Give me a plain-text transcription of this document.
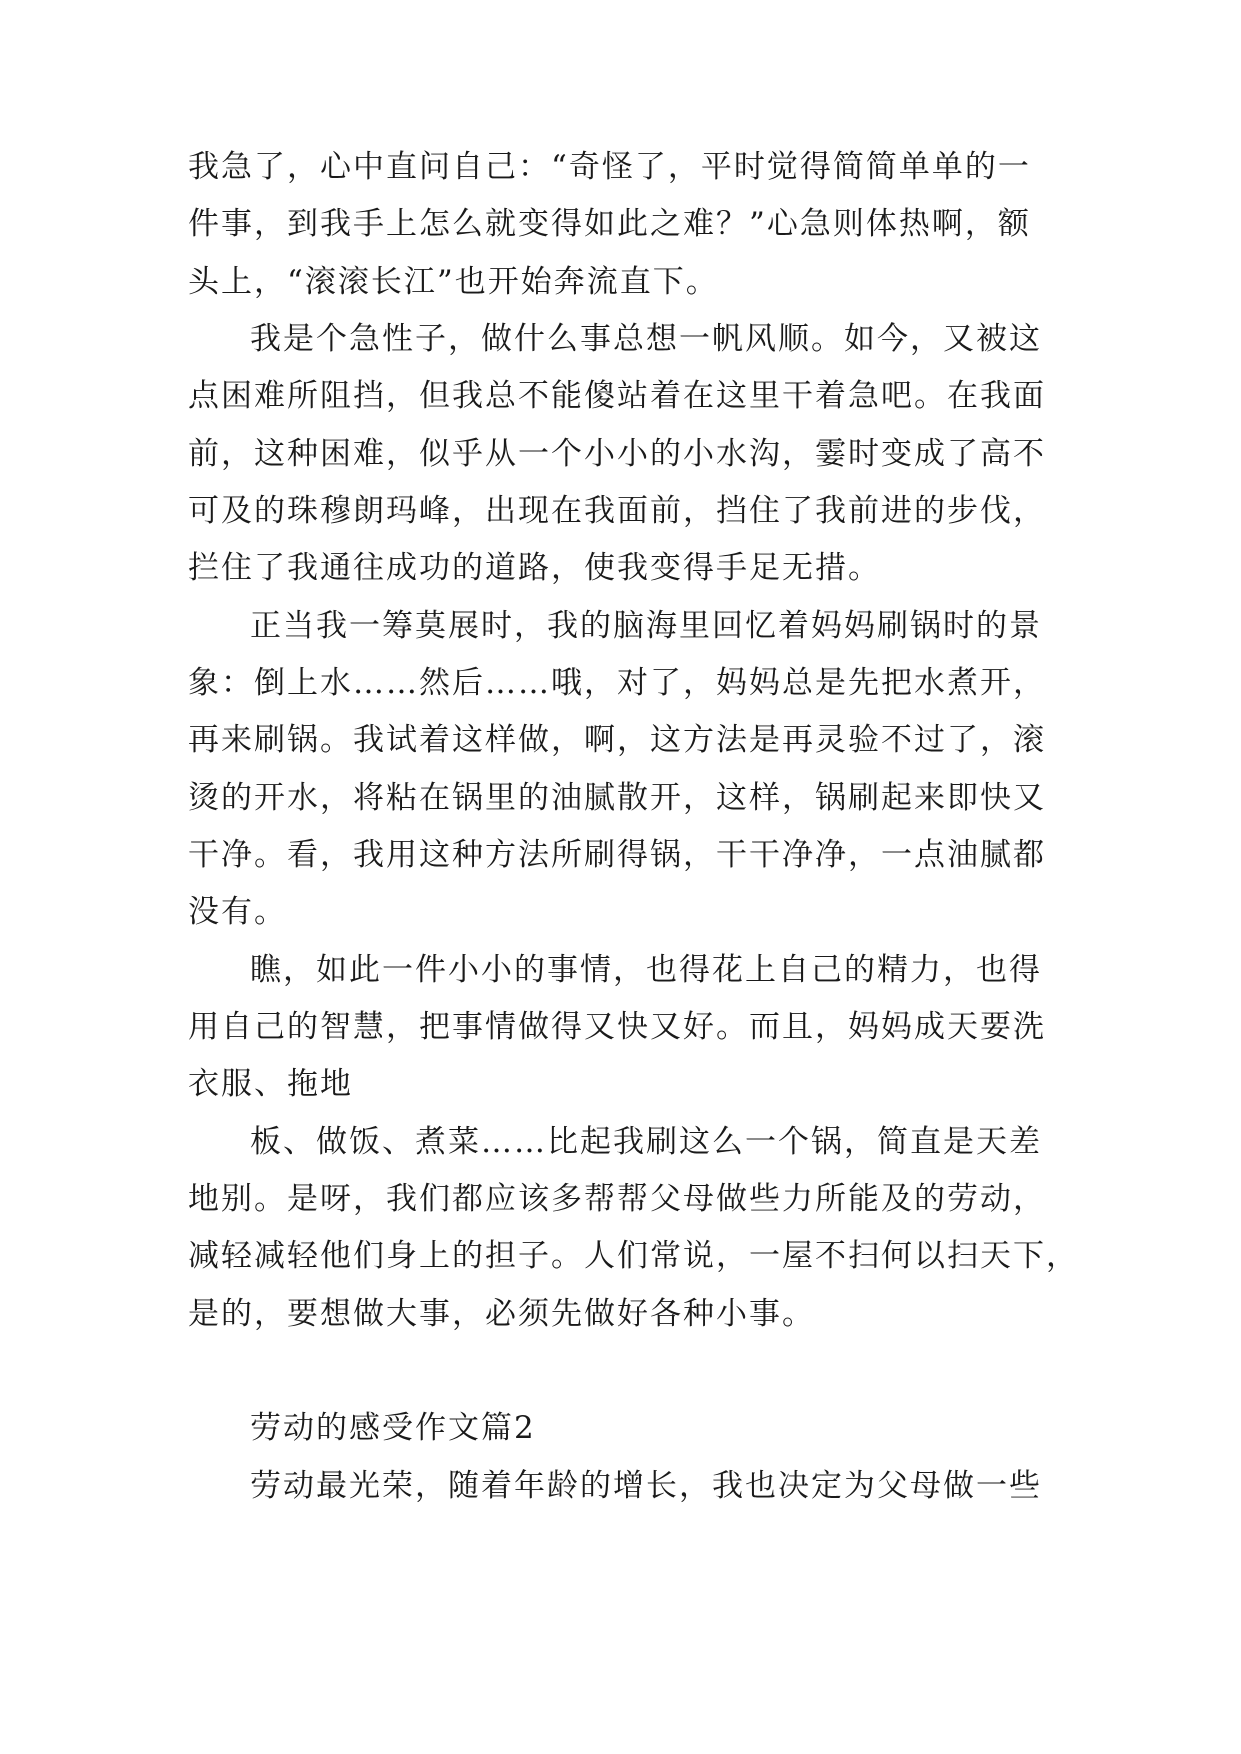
我急了，心中直问自己：“奇怪了，平时觉得简简单单的一
件事，到我手上怎么就变得如此之难？”心急则体热啊，额
头上，“滚滚长江”也开始奔流直下。
我是个急性子，做什么事总想一帆风顺。如今，又被这
点困难所阻挡，但我总不能傻站着在这里干着急吧。在我面
前，这种困难，似乎从一个小小的小水沟，霎时变成了高不
可及的珠穆朗玛峰，出现在我面前，挡住了我前进的步伐，
拦住了我通往成功的道路，使我变得手足无措。
正当我一筹莫展时，我的脑海里回忆着妈妈刷锅时的景
象：倒上水……然后……哦，对了，妈妈总是先把水煮开，
再来刷锅。我试着这样做，啊，这方法是再灵验不过了，滚
烫的开水，将粘在锅里的油腻散开，这样，锅刷起来即快又
干净。看，我用这种方法所刷得锅，干干净净，一点油腻都
没有。
瞧，如此一件小小的事情，也得花上自己的精力，也得
用自己的智慧，把事情做得又快又好。而且，妈妈成天要洗
衣服、拖地
板、做饭、煮菜……比起我刷这么一个锅，简直是天差
地别。是呀，我们都应该多帮帮父母做些力所能及的劳动，
减轻减轻他们身上的担子。人们常说，一屋不扫何以扫天下，
是的，要想做大事，必须先做好各种小事。
劳动的感受作文篇2
劳动最光荣，随着年龄的增长，我也决定为父母做一些
